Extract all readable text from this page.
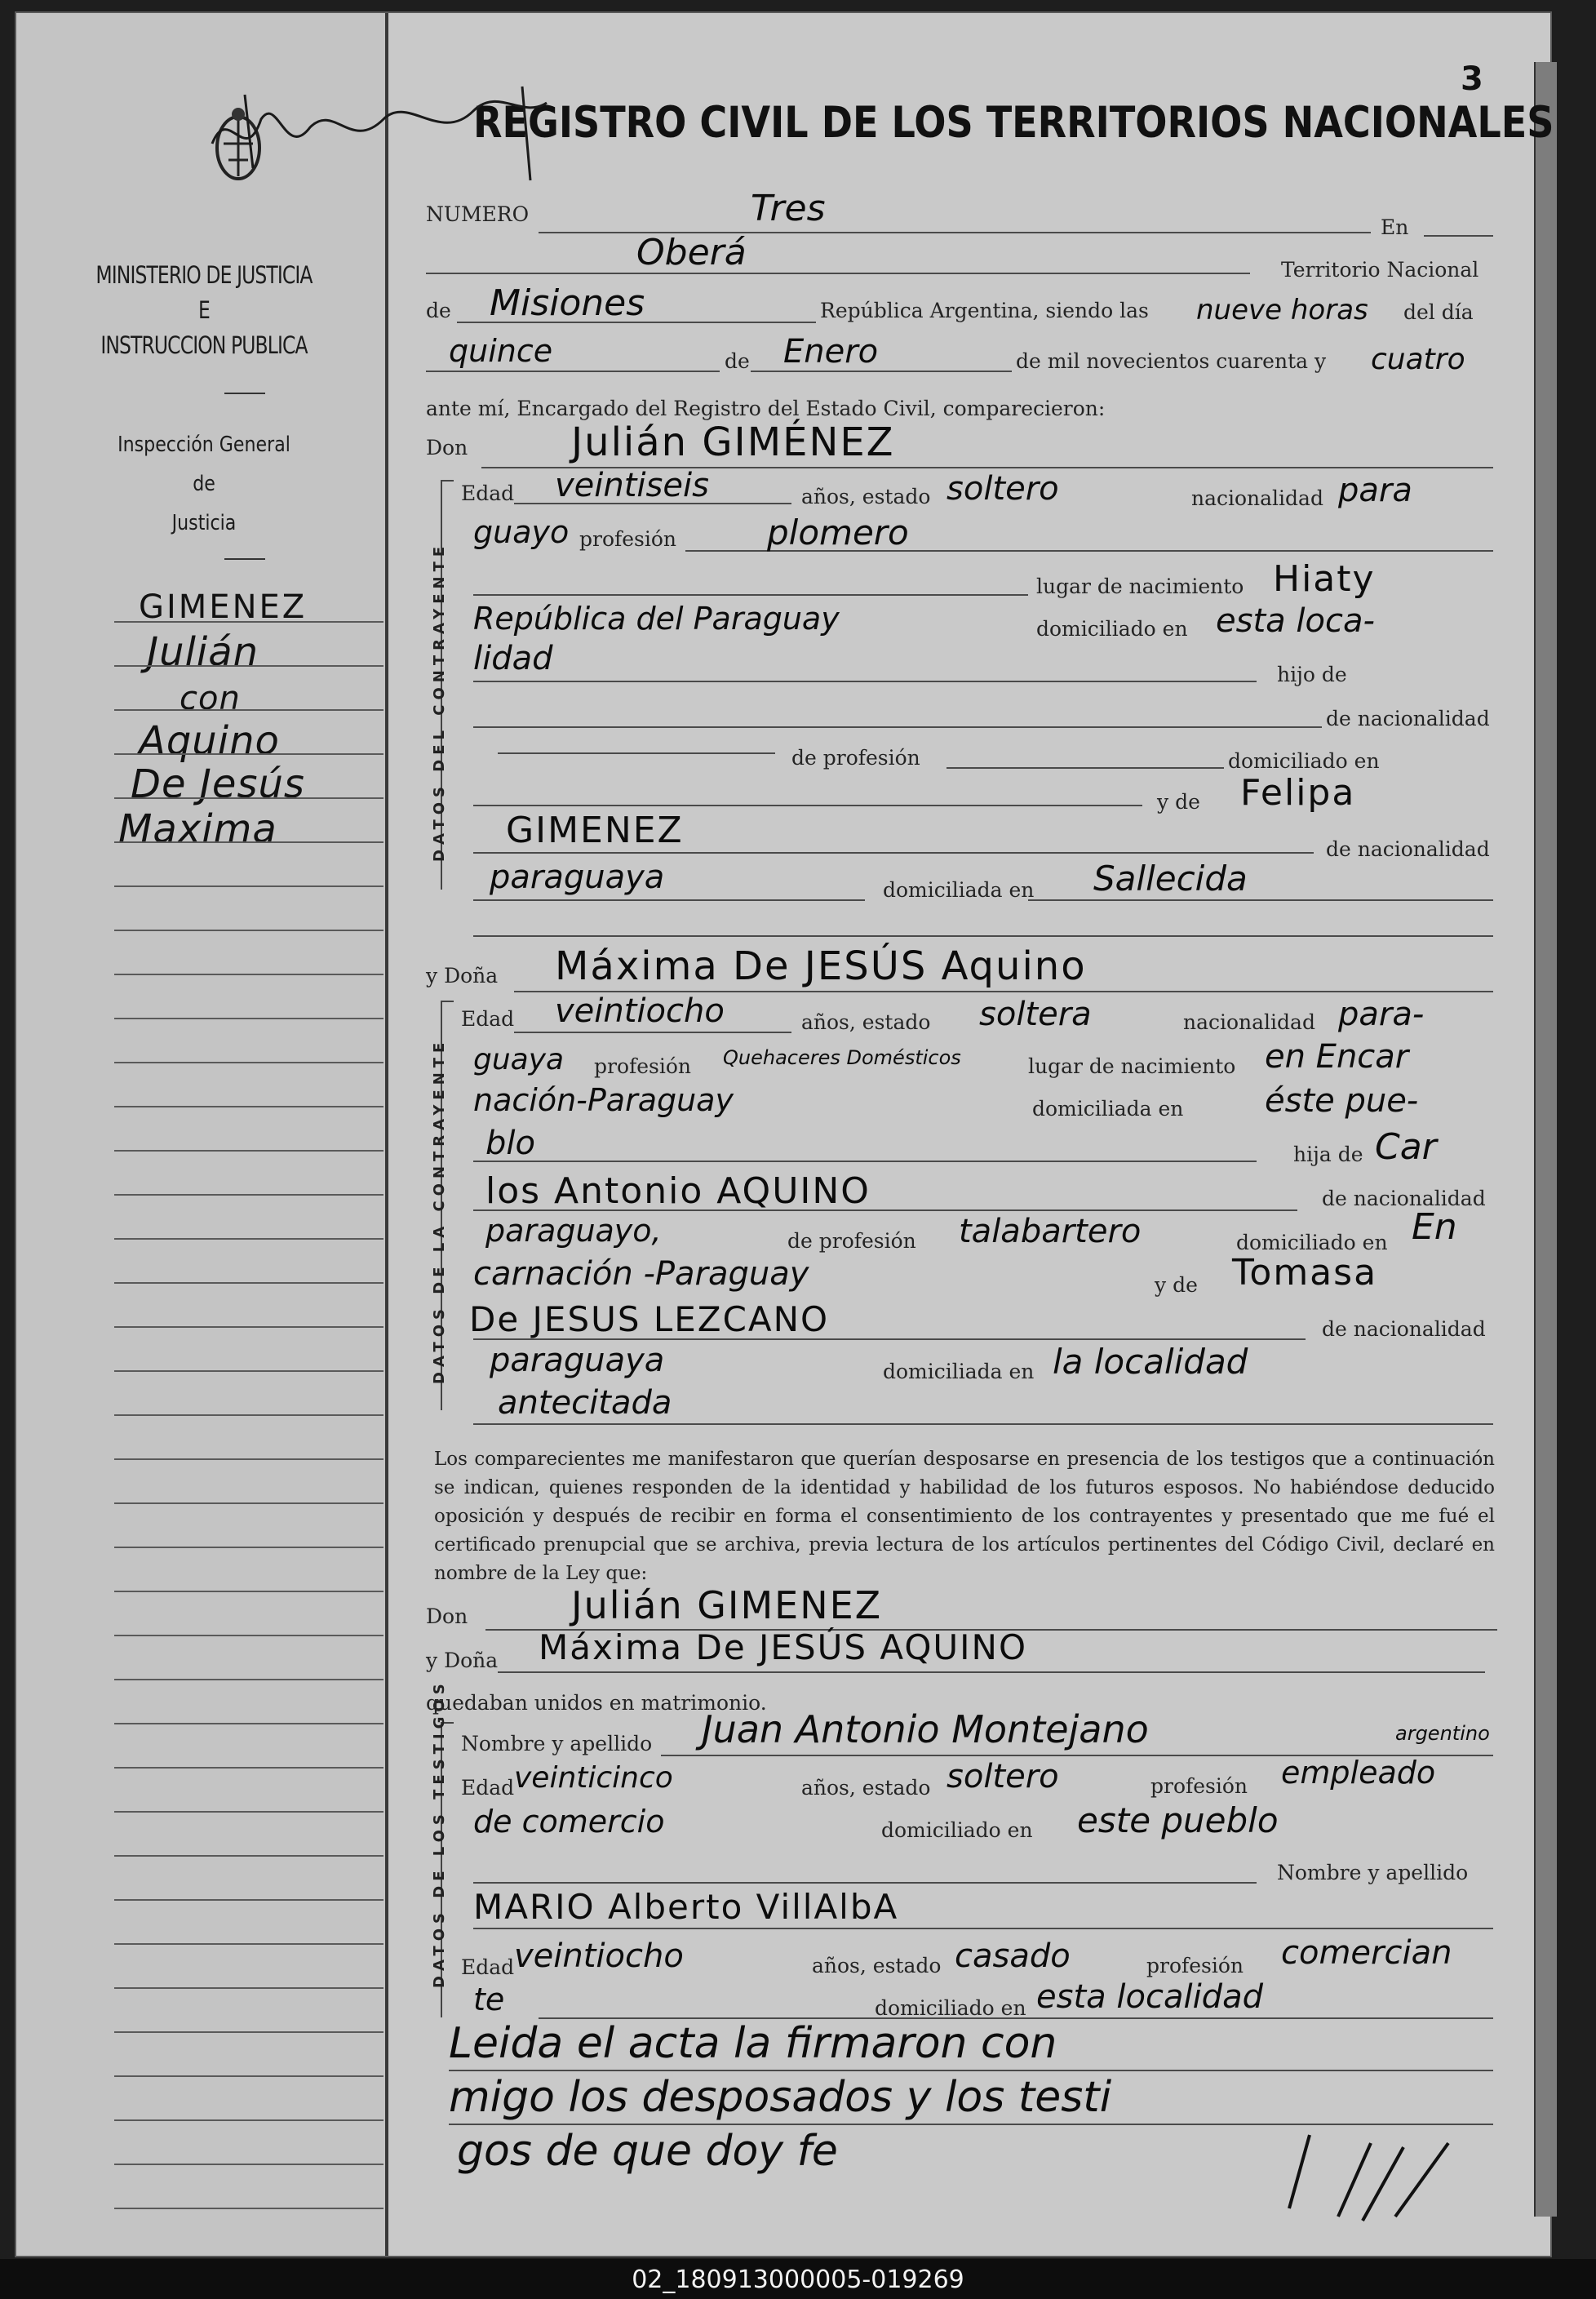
MINISTERIO DE JUSTICIA
E
INSTRUCCION PUBLICA
Inspección General
de
Justicia
GIMENEZ
Julián
con
Aquino
De Jesús
Maxima
3
REGISTRO CIVIL DE LOS TERRITORIOS NACIONALES
NUMERO	Tres	En
Oberá	Territorio Nacional
de Misiones	República Argentina, siendo las nueve horas del día
quince	de Enero	de mil novecientos cuarenta y cuatro
ante mí, Encargado del Registro del Estado Civil, comparecieron:
Don	Julián GIMÉNEZ
DATOS DEL CONTRAYENTE
Edad veintiseis	años, estado soltero	nacionalidad para
guayo profesión	plomero
lugar de nacimiento Hiaty
República del Paraguay	domiciliado en esta loca-
lidad	hijo de
de nacionalidad
de profesión	domiciliado en
y de Felipa
GIMENEZ	de nacionalidad
paraguaya	domiciliada en Sallecida
y Doña Máxima De JESÚS Aquino
DATOS DE LA CONTRAYENTE
Edad veintiocho	años, estado soltera	nacionalidad para-
guaya profesión Quehaceres Domésticos	lugar de nacimiento en Encar
nación-Paraguay	domiciliada en éste pue-
blo	hija de Car
los Antonio AQUINO	de nacionalidad
paraguayo,	de profesión talabartero	domiciliado en En
carnación -Paraguay	y de Tomasa
De JESUS LEZCANO	de nacionalidad
paraguaya	domiciliada en la localidad
antecitada
Los comparecientes me manifestaron que querían desposarse en presencia de los testigos que a continuación se indican, quienes responden de la identidad y habilidad de los futuros esposos. No habiéndose deducido oposición y después de recibir en forma el consentimiento de los contrayentes y presentado que me fué el certificado prenupcial que se archiva, previa lectura de los artículos pertinentes del Código Civil, declaré en nombre de la Ley que:
Don	Julián GIMENEZ
y Doña Máxima De JESÚS AQUINO
quedaban unidos en matrimonio.
DATOS DE LOS TESTIGOS Nombre y apellido Juan Antonio Montejano	argentino
Edad veinticinco	años, estado soltero	profesión empleado
de comercio	domiciliado en este pueblo
Nombre y apellido
MARIO Alberto VillAlbA
Edad veintiocho	años, estado casado	profesión comercian
te	domiciliado en esta localidad
Leida el acta la firmaron con
migo los desposados y los testi
gos de que doy fe
02_180913000005-019269
